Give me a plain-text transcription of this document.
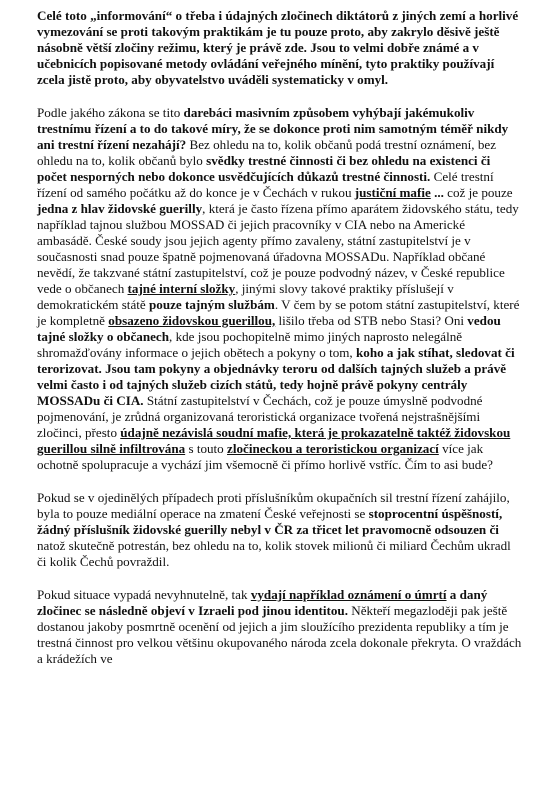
Celé toto „informování“ o třeba i údajných zločinech diktátorů z jiných zemí a horlivé vymezování se proti takovým praktikám je tu pouze proto, aby zakrylo děsivě ještě násobně větší zločiny režimu, který je právě zde. Jsou to velmi dobře známé a v učebnicích popisované metody ovládání veřejného mínění, tyto praktiky používají zcela jistě proto, aby obyvatelstvo uváděli systematicky v omyl.

Podle jakého zákona se tito darebáci masivním způsobem vyhýbají jakémukoliv trestnímu řízení a to do takové míry, že se dokonce proti nim samotným téměř nikdy ani trestní řízení nezahájí? Bez ohledu na to, kolik občanů podá trestní oznámení, bez ohledu na to, kolik občanů bylo svědky trestné činnosti či bez ohledu na existenci či počet nesporných nebo dokonce usvědčujících důkazů trestné činnosti. Celé trestní řízení od samého počátku až do konce je v Čechách v rukou justiční mafie ... což je pouze jedna z hlav židovské guerilly, která je často řízena přímo aparátem židovského státu, tedy například tajnou službou MOSSAD či jejich pracovníky v CIA nebo na Americké ambasádě. České soudy jsou jejich agenty přímo zavaleny, státní zastupitelství je v současnosti snad pouze špatně pojmenovaná úřadovna MOSSADu. Například občané nevědí, že takzvané státní zastupitelství, což je pouze podvodný název, v České republice vede o občanech tajné interní složky, jinými slovy takové praktiky příslušejí v demokratickém státě pouze tajným službám. V čem by se potom státní zastupitelství, které je kompletně obsazeno židovskou guerillou, lišilo třeba od STB nebo Stasi? Oni vedou tajné složky o občanech, kde jsou pochopitelně mimo jiných naprosto nelegálně shromažďovány informace o jejich obětech a pokyny o tom, koho a jak stíhat, sledovat či terorizovat. Jsou tam pokyny a objednávky teroru od dalších tajných služeb a právě velmi často i od tajných služeb cizích států, tedy hojně právě pokyny centrály MOSSADu či CIA. Státní zastupitelství v Čechách, což je pouze úmyslně podvodné pojmenování, je zrůdná organizovaná teroristická organizace tvořená nejstrašnějšími zločinci, přesto údajně nezávislá soudní mafie, která je prokazatelně taktéž židovskou guerillou silně infiltrována s touto zločineckou a teroristickou organizací více jak ochotně spolupracuje a vychází jim všemocně či přímo horlivě vstříc. Čím to asi bude?

Pokud se v ojedinělých případech proti příslušníkům okupačních sil trestní řízení zahájilo, byla to pouze mediální operace na zmatení České veřejnosti se stoprocentní úspěšností, žádný příslušník židovské guerilly nebyl v ČR za třicet let pravomocně odsouzen či natož skutečně potrestán, bez ohledu na to, kolik stovek milionů či miliard Čechům ukradl či kolik Čechů povraždil.

Pokud situace vypadá nevyhnutelně, tak vydají například oznámení o úmrtí a daný zločinec se následně objeví v Izraeli pod jinou identitou. Někteří megazloději pak ještě dostanou jakoby posmrtně ocenění od jejich a jim sloužícího prezidenta republiky a tím je trestná činnost pro velkou většinu okupovaného národa zcela dokonale překryta. O vraždách a krádežích ve
